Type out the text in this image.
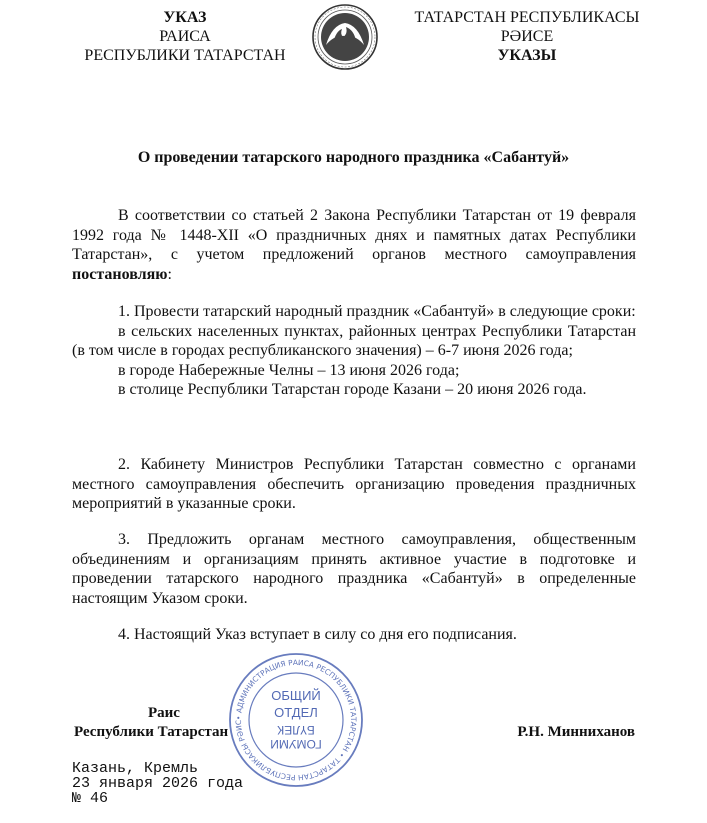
УКАЗ
РАИСА
РЕСПУБЛИКИ ТАТАРСТАН
ТАТАРСТАН РЕСПУБЛИКАСЫ
РӘИСЕ
УКАЗЫ
О проведении татарского народного праздника «Сабантуй»
В соответствии со статьей 2 Закона Республики Татарстан от 19 февраля 1992 года № 1448-XII «О праздничных днях и памятных датах Республики Татарстан», с учетом предложений органов местного самоуправления постановляю:
1. Провести татарский народный праздник «Сабантуй» в следующие сроки:
в сельских населенных пунктах, районных центрах Республики Татарстан (в том числе в городах республиканского значения) – 6-7 июня 2026 года;
в городе Набережные Челны – 13 июня 2026 года;
в столице Республики Татарстан городе Казани – 20 июня 2026 года.
2. Кабинету Министров Республики Татарстан совместно с органами местного самоуправления обеспечить организацию проведения праздничных мероприятий в указанные сроки.
3. Предложить органам местного самоуправления, общественным объединениям и организациям принять активное участие в подготовке и проведении татарского народного праздника «Сабантуй» в определенные настоящим Указом сроки.
4. Настоящий Указ вступает в силу со дня его подписания.
• АДМИНИСТРАЦИЯ РАИСА РЕСПУБЛИКИ ТАТАРСТАН • ТАТАРСТАН РЕСПУБЛИКАСЫ РӘИС
ОБЩИЙ
ОТДЕЛ
ГОМУМИ
БҮЛЕК
Раис
Республики Татарстан	Р.Н. Минниханов
Казань, Кремль
23 января 2026 года
№ 46
